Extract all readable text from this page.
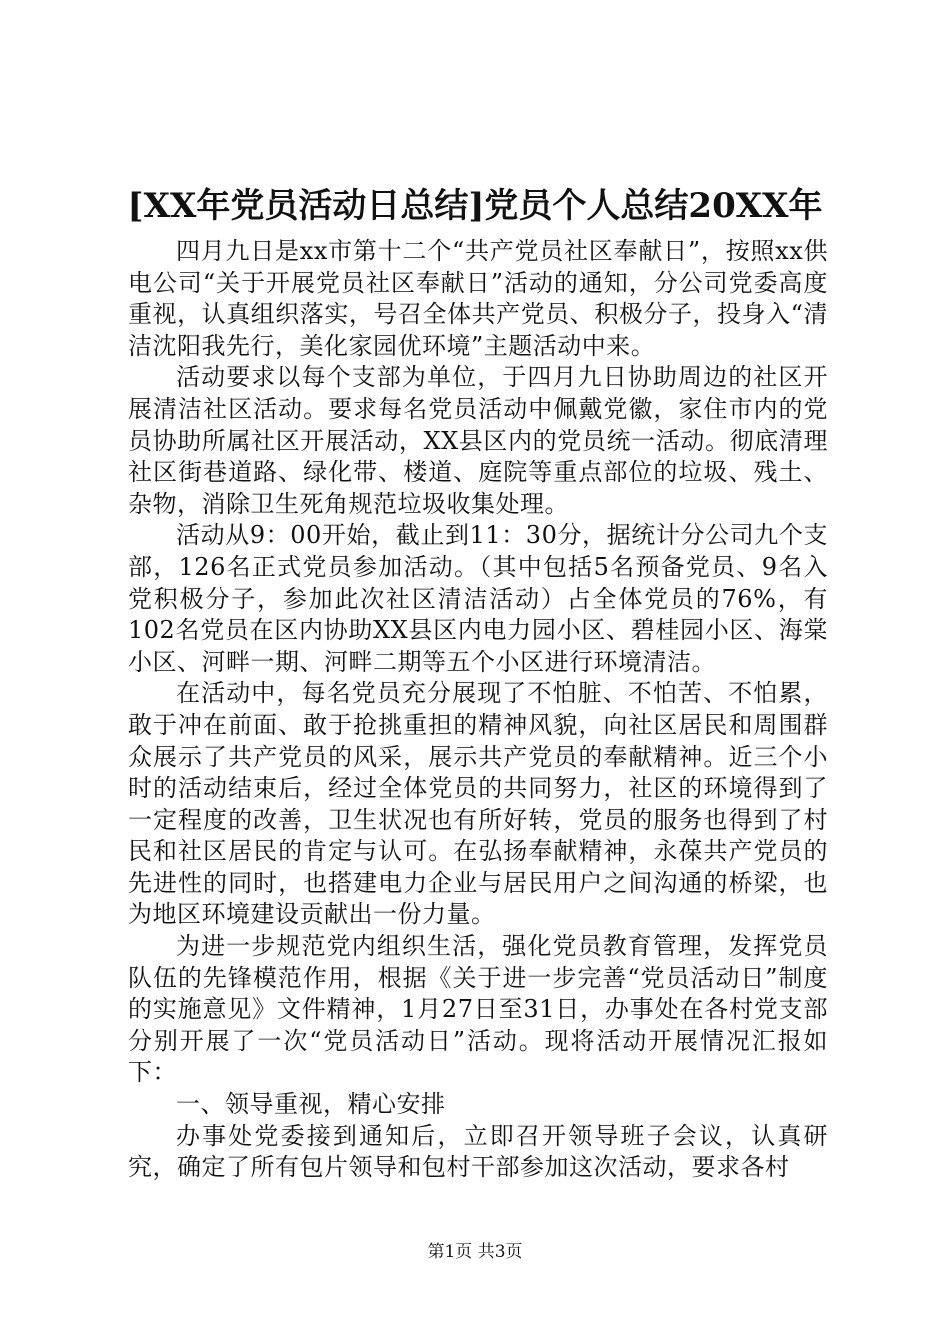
[XX年党员活动日总结]党员个人总结20XX年

四月九日是xx市第十二个“共产党员社区奉献日”，按照xx供电公司“关于开展党员社区奉献日”活动的通知，分公司党委高度重视，认真组织落实，号召全体共产党员、积极分子，投身入“清洁沈阳我先行，美化家园优环境”主题活动中来。

活动要求以每个支部为单位，于四月九日协助周边的社区开展清洁社区活动。要求每名党员活动中佩戴党徽，家住市内的党员协助所属社区开展活动，XX县区内的党员统一活动。彻底清理社区街巷道路、绿化带、楼道、庭院等重点部位的垃圾、残土、杂物，消除卫生死角规范垃圾收集处理。

活动从9：00开始，截止到11：30分，据统计分公司九个支部，126名正式党员参加活动。（其中包括5名预备党员、9名入党积极分子，参加此次社区清洁活动）占全体党员的76%，有102名党员在区内协助XX县区内电力园小区、碧桂园小区、海棠小区、河畔一期、河畔二期等五个小区进行环境清洁。

在活动中，每名党员充分展现了不怕脏、不怕苦、不怕累，敢于冲在前面、敢于抢挑重担的精神风貌，向社区居民和周围群众展示了共产党员的风采，展示共产党员的奉献精神。近三个小时的活动结束后，经过全体党员的共同努力，社区的环境得到了一定程度的改善，卫生状况也有所好转，党员的服务也得到了村民和社区居民的肯定与认可。在弘扬奉献精神，永葆共产党员的先进性的同时，也搭建电力企业与居民用户之间沟通的桥梁，也为地区环境建设贡献出一份力量。

为进一步规范党内组织生活，强化党员教育管理，发挥党员队伍的先锋模范作用，根据《关于进一步完善“党员活动日”制度的实施意见》文件精神，1月27日至31日，办事处在各村党支部分别开展了一次“党员活动日”活动。现将活动开展情况汇报如下：

一、领导重视，精心安排

办事处党委接到通知后，立即召开领导班子会议，认真研究，确定了所有包片领导和包村干部参加这次活动，要求各村

第1页 共3页
